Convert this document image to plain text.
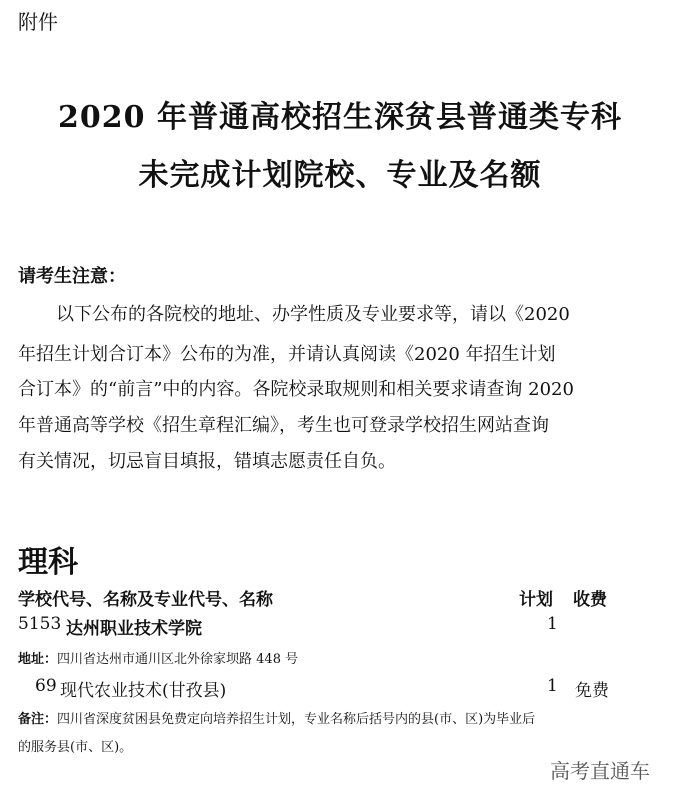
附件
2020 年普通高校招生深贫县普通类专科
未完成计划院校、专业及名额
请考生注意：
以下公布的各院校的地址、办学性质及专业要求等，请以《2020
年招生计划合订本》公布的为准，并请认真阅读《2020 年招生计划
合订本》的“前言”中的内容。各院校录取规则和相关要求请查询 2020
年普通高等学校《招生章程汇编》，考生也可登录学校招生网站查询
有关情况，切忌盲目填报，错填志愿责任自负。
理科
学校代号、名称及专业代号、名称	计划 收费
5153 达州职业技术学院	1
地址：四川省达州市通川区北外徐家坝路 448 号
69 现代农业技术(甘孜县)	1 免费
备注：四川省深度贫困县免费定向培养招生计划，专业名称后括号内的县(市、区)为毕业后
的服务县(市、区)。
高考直通车
